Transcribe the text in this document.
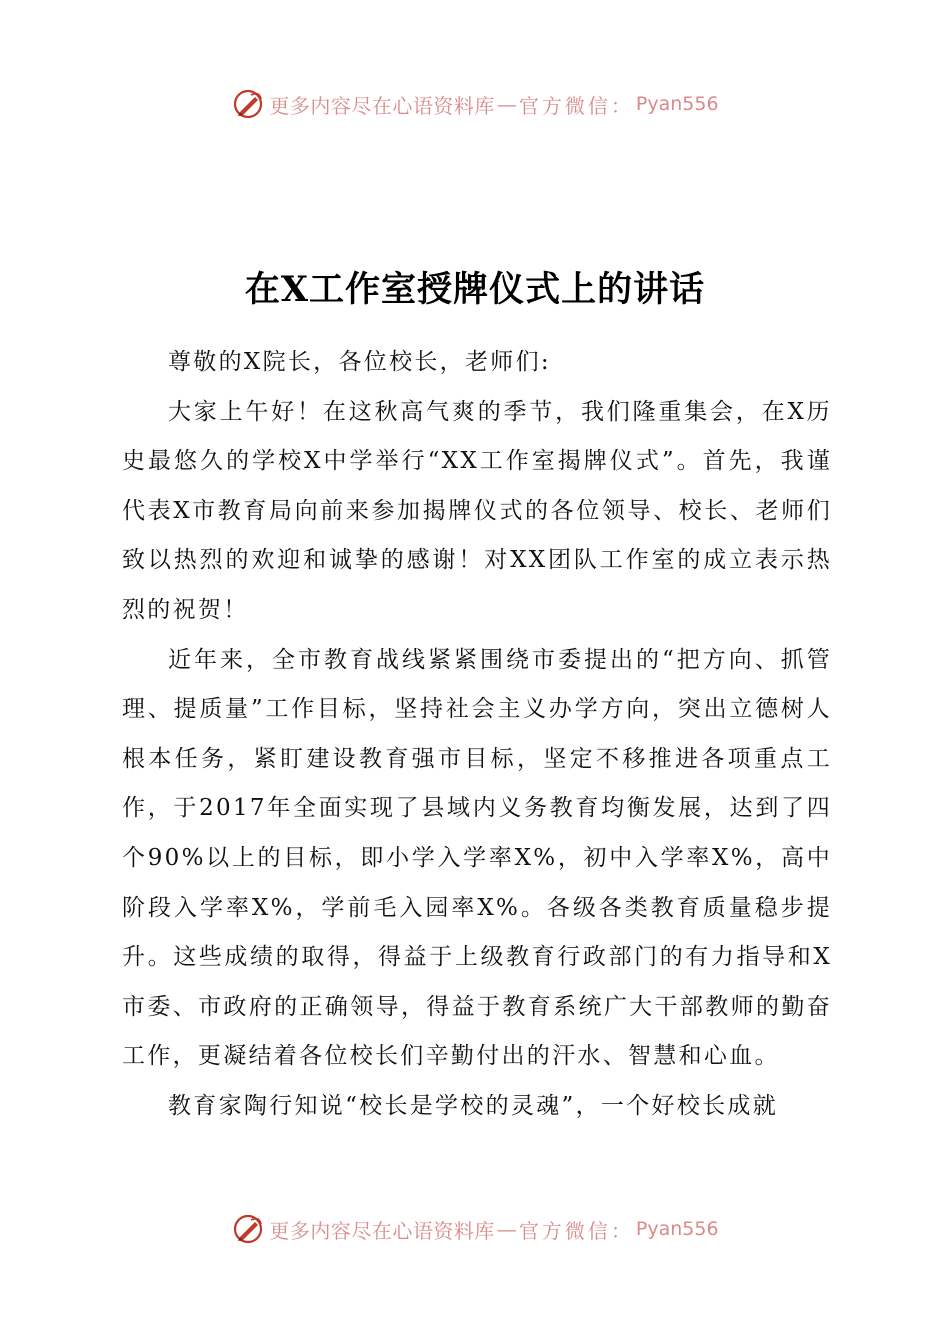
更多内容尽在心语资料库 — 官方微信： Pyan556
在X工作室授牌仪式上的讲话

尊敬的X院长，各位校长，老师们:

大家上午好！在这秋高气爽的季节，我们隆重集会，在X历史最悠久的学校X中学举行“XX工作室揭牌仪式”。首先，我谨代表X市教育局向前来参加揭牌仪式的各位领导、校长、老师们致以热烈的欢迎和诚挚的感谢！对XX团队工作室的成立表示热烈的祝贺！

近年来，全市教育战线紧紧围绕市委提出的“把方向、抓管理、提质量”工作目标，坚持社会主义办学方向，突出立德树人根本任务，紧盯建设教育强市目标，坚定不移推进各项重点工作，于2017年全面实现了县域内义务教育均衡发展，达到了四个90%以上的目标，即小学入学率X%，初中入学率X%，高中阶段入学率X%，学前毛入园率X%。各级各类教育质量稳步提升。这些成绩的取得，得益于上级教育行政部门的有力指导和X市委、市政府的正确领导，得益于教育系统广大干部教师的勤奋工作，更凝结着各位校长们辛勤付出的汗水、智慧和心血。

教育家陶行知说“校长是学校的灵魂”，一个好校长成就

更多内容尽在心语资料库 — 官方微信： Pyan556
